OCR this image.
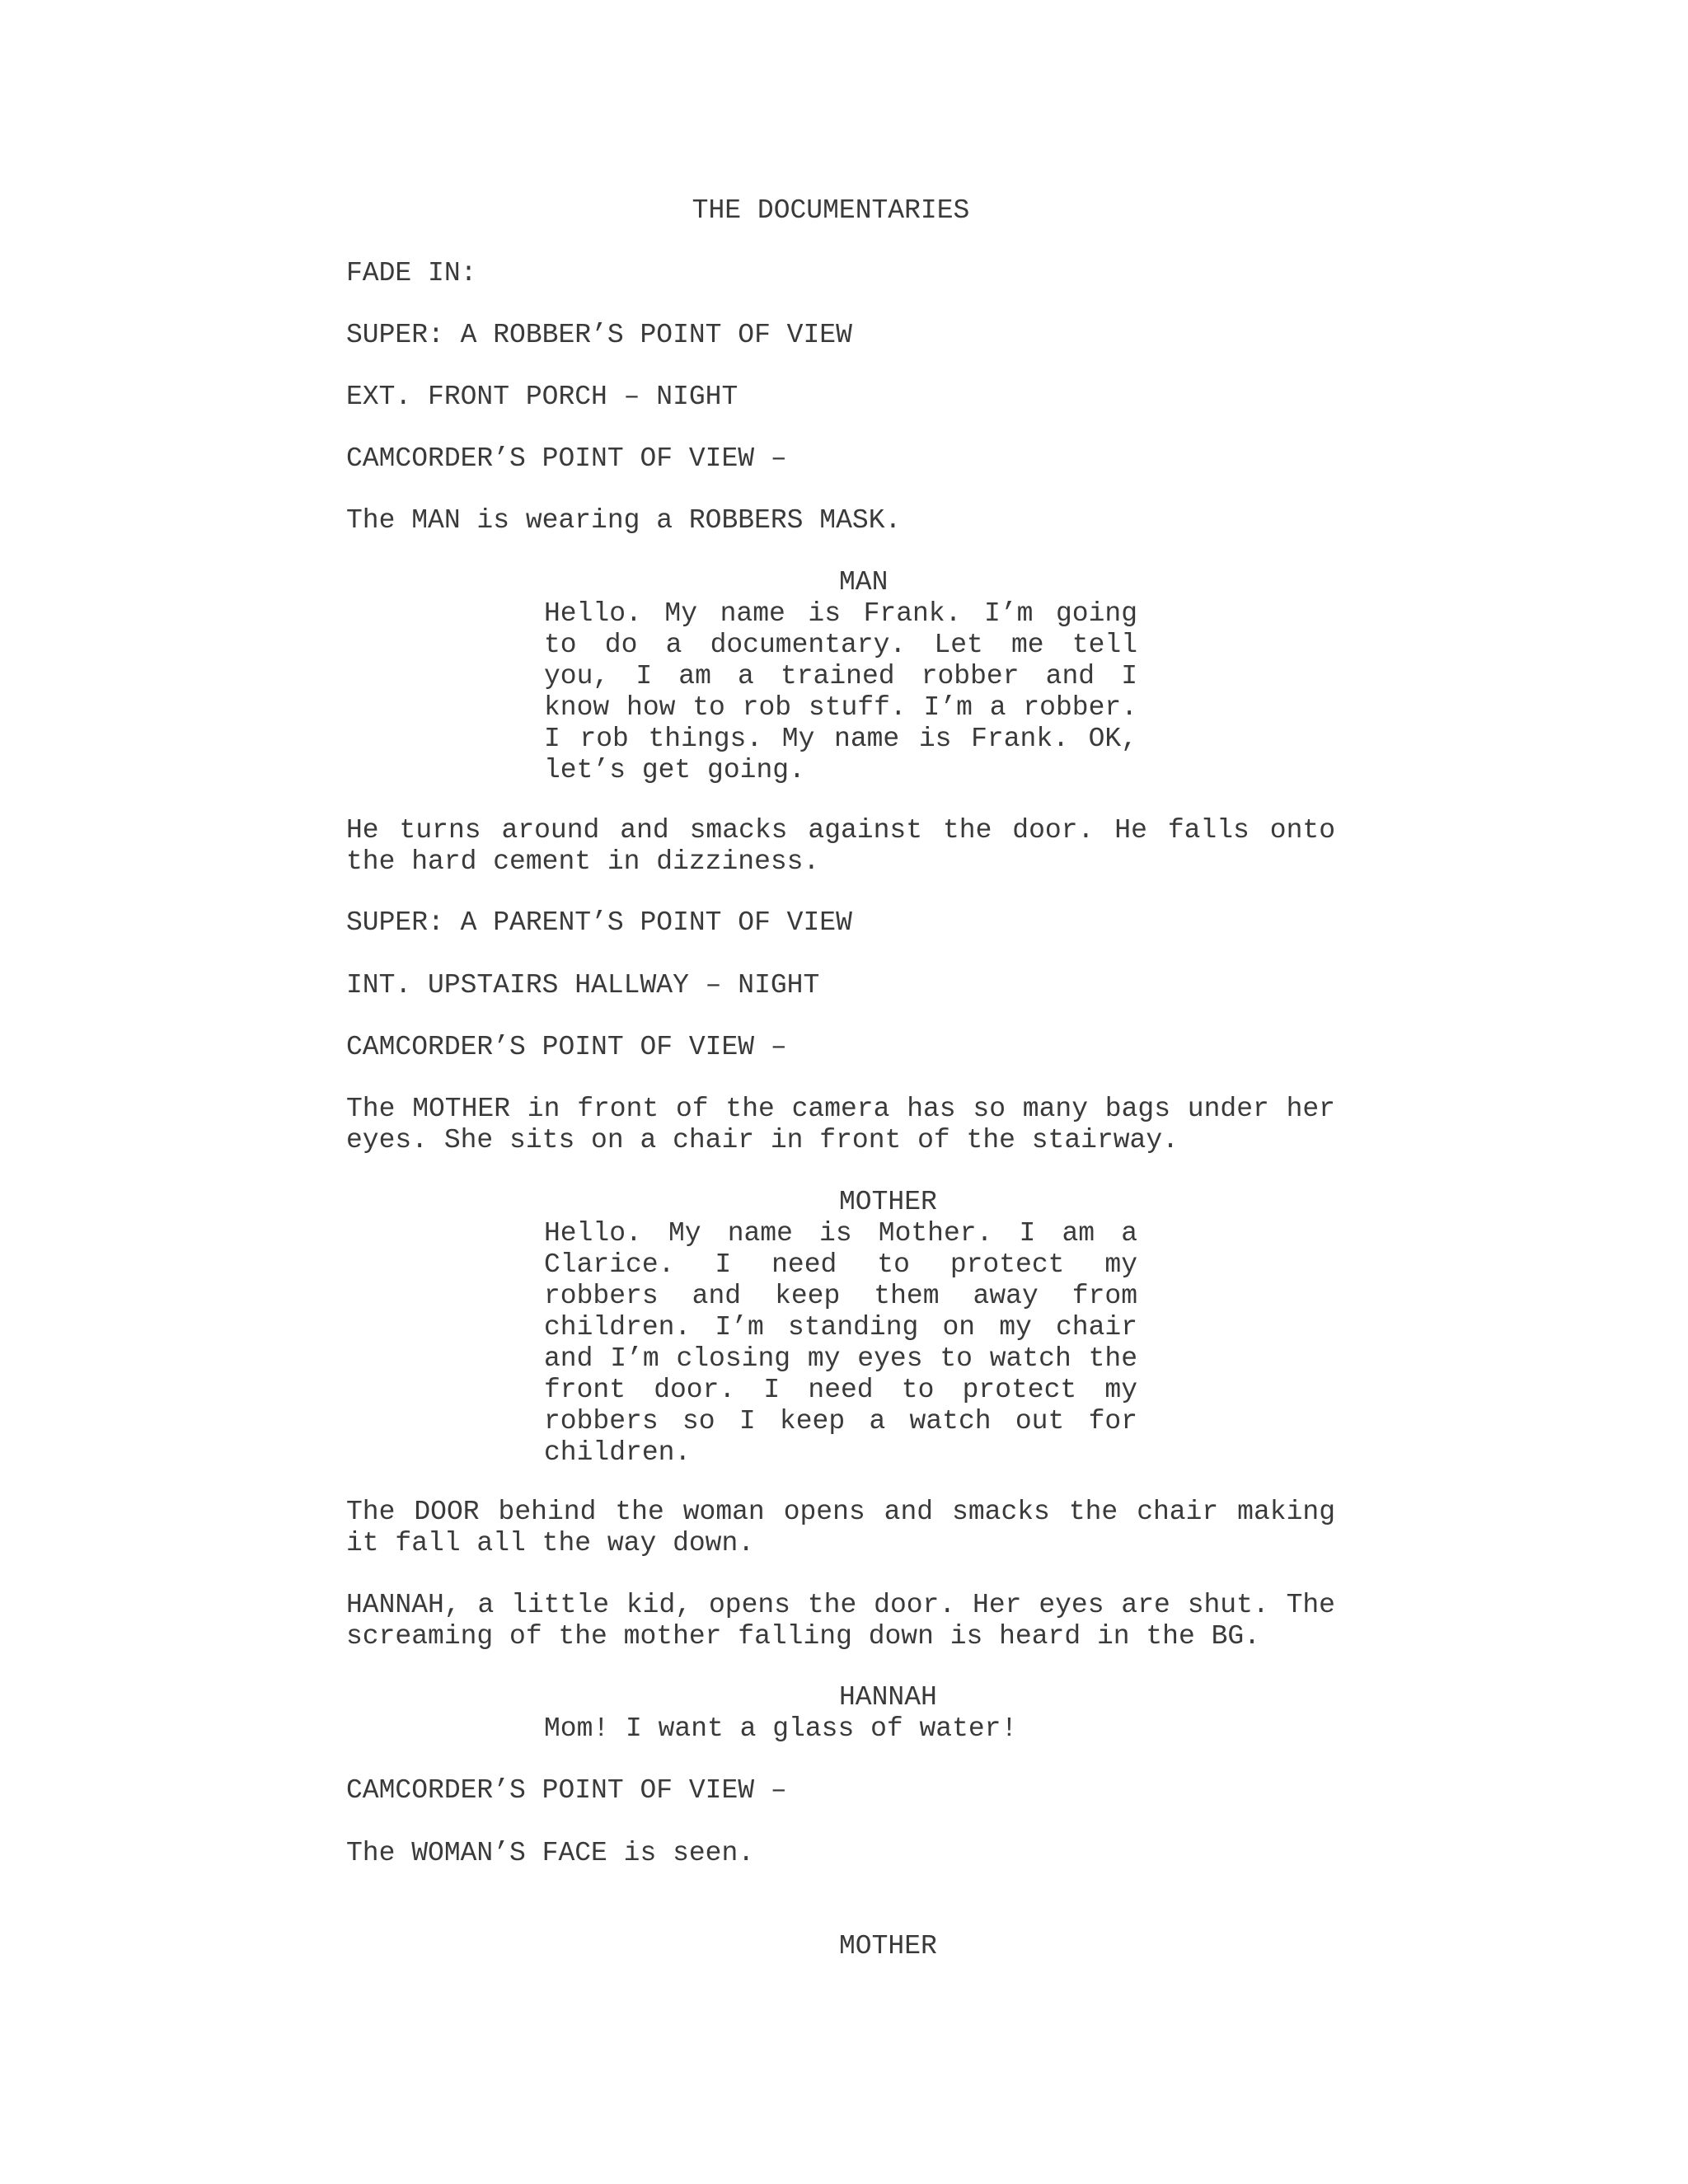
THE DOCUMENTARIES

FADE IN:

SUPER: A ROBBER’S POINT OF VIEW

EXT. FRONT PORCH – NIGHT

CAMCORDER’S POINT OF VIEW –

The MAN is wearing a ROBBERS MASK.

MAN

Hello. My name is Frank. I’m going to do a documentary. Let me tell you, I am a trained robber and I know how to rob stuff. I’m a robber. I rob things. My name is Frank. OK, let’s get going.

He turns around and smacks against the door. He falls onto the hard cement in dizziness.

SUPER: A PARENT’S POINT OF VIEW

INT. UPSTAIRS HALLWAY – NIGHT

CAMCORDER’S POINT OF VIEW –

The MOTHER in front of the camera has so many bags under her eyes. She sits on a chair in front of the stairway.

MOTHER

Hello. My name is Mother. I am a Clarice. I need to protect my robbers and keep them away from children. I’m standing on my chair and I’m closing my eyes to watch the front door. I need to protect my robbers so I keep a watch out for children.

The DOOR behind the woman opens and smacks the chair making it fall all the way down.

HANNAH, a little kid, opens the door. Her eyes are shut. The screaming of the mother falling down is heard in the BG.

HANNAH

Mom! I want a glass of water!

CAMCORDER’S POINT OF VIEW –

The WOMAN’S FACE is seen.

MOTHER
